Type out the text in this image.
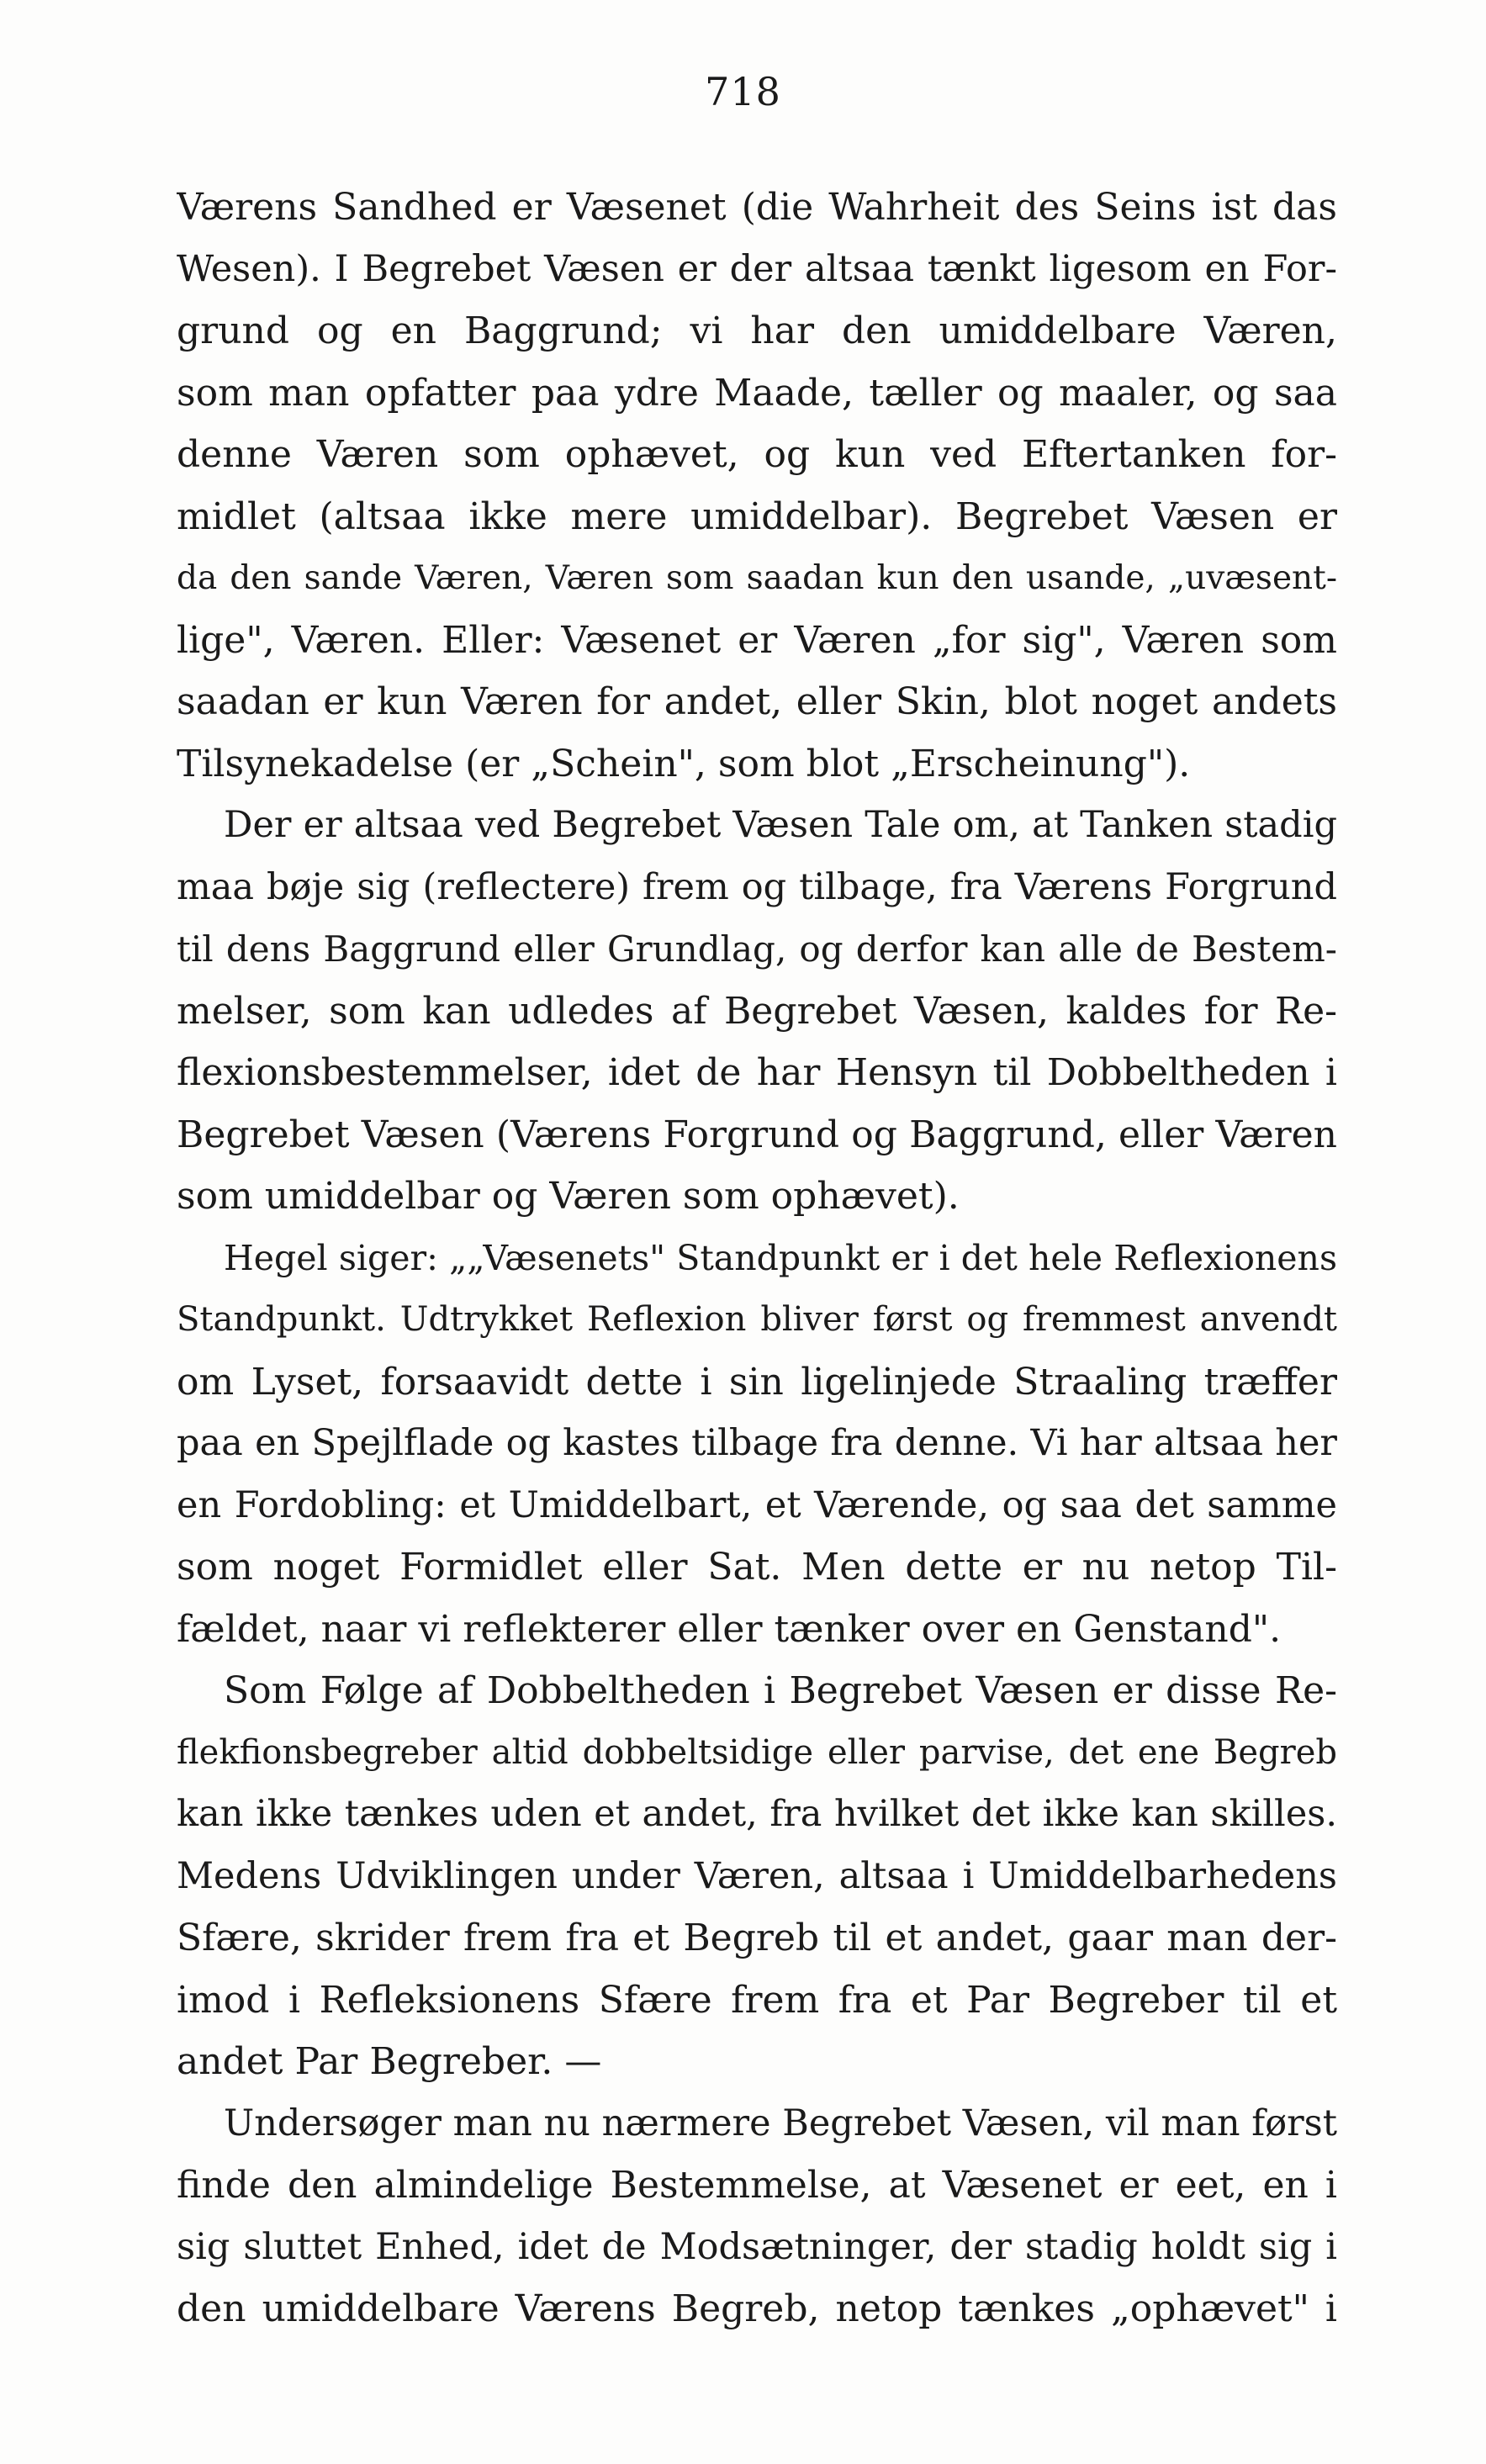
718
Værens Sandhed er Væsenet (die Wahrheit des Seins ist das
Wesen). I Begrebet Væsen er der altsaa tænkt ligesom en For-
grund og en Baggrund; vi har den umiddelbare Væren,
som man opfatter paa ydre Maade, tæller og maaler, og saa
denne Væren som ophævet, og kun ved Eftertanken for-
midlet (altsaa ikke mere umiddelbar). Begrebet Væsen er
da den sande Væren, Væren som saadan kun den usande, „uvæsent-
lige", Væren. Eller: Væsenet er Væren „for sig", Væren som
saadan er kun Væren for andet, eller Skin, blot noget andets
Tilsynekadelse (er „Schein", som blot „Erscheinung").
Der er altsaa ved Begrebet Væsen Tale om, at Tanken stadig
maa bøje sig (reflectere) frem og tilbage, fra Værens Forgrund
til dens Baggrund eller Grundlag, og derfor kan alle de Bestem-
melser, som kan udledes af Begrebet Væsen, kaldes for Re-
flexionsbestemmelser, idet de har Hensyn til Dobbeltheden i
Begrebet Væsen (Værens Forgrund og Baggrund, eller Væren
som umiddelbar og Væren som ophævet).
Hegel siger: „„Væsenets" Standpunkt er i det hele Reflexionens
Standpunkt. Udtrykket Reflexion bliver først og fremmest anvendt
om Lyset, forsaavidt dette i sin ligelinjede Straaling træffer
paa en Spejlflade og kastes tilbage fra denne. Vi har altsaa her
en Fordobling: et Umiddelbart, et Værende, og saa det samme
som noget Formidlet eller Sat. Men dette er nu netop Til-
fældet, naar vi reflekterer eller tænker over en Genstand".
Som Følge af Dobbeltheden i Begrebet Væsen er disse Re-
flekfionsbegreber altid dobbeltsidige eller parvise, det ene Begreb
kan ikke tænkes uden et andet, fra hvilket det ikke kan skilles.
Medens Udviklingen under Væren, altsaa i Umiddelbarhedens
Sfære, skrider frem fra et Begreb til et andet, gaar man der-
imod i Refleksionens Sfære frem fra et Par Begreber til et
andet Par Begreber. —
Undersøger man nu nærmere Begrebet Væsen, vil man først
finde den almindelige Bestemmelse, at Væsenet er eet, en i
sig sluttet Enhed, idet de Modsætninger, der stadig holdt sig i
den umiddelbare Værens Begreb, netop tænkes „ophævet" i
